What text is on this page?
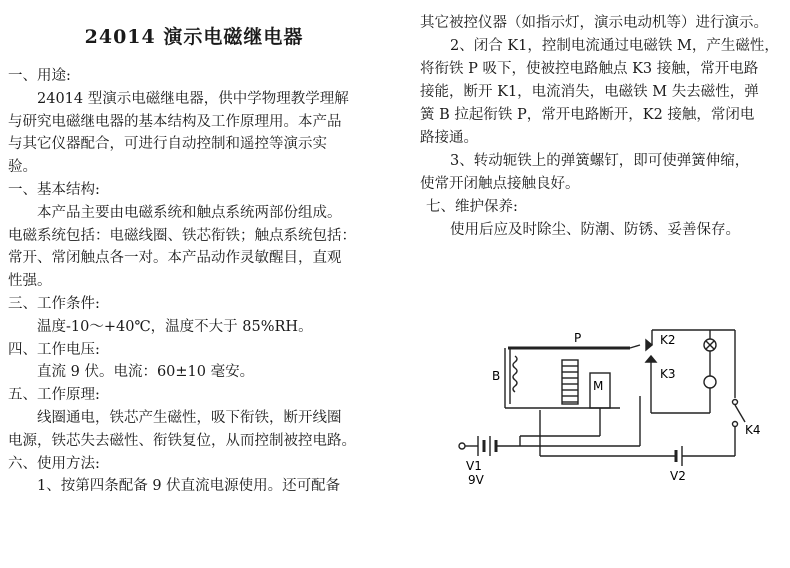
24014 演示电磁继电器
一、用途:
24014 型演示电磁继电器，供中学物理教学理解
与研究电磁继电器的基本结构及工作原理用。本产品
与其它仪器配合，可进行自动控制和遥控等演示实
验。
一、基本结构:
本产品主要由电磁系统和触点系统两部份组成。
电磁系统包括：电磁线圈、铁芯衔铁；触点系统包括：
常开、常闭触点各一对。本产品动作灵敏醒目，直观
性强。
三、工作条件:
温度-10～+40℃，温度不大于 85%RH。
四、工作电压:
直流 9 伏。电流：60±10 毫安。
五、工作原理:
线圈通电，铁芯产生磁性，吸下衔铁，断开线圈
电源，铁芯失去磁性、衔铁复位，从而控制被控电路。
六、使用方法:
1、按第四条配备 9 伏直流电源使用。还可配备
其它被控仪器（如指示灯，演示电动机等）进行演示。
2、闭合 K1，控制电流通过电磁铁 M，产生磁性，
将衔铁 P 吸下，使被控电路触点 K3 接触，常开电路
接能，断开 K1，电流消失，电磁铁 M 失去磁性，弹
簧 B 拉起衔铁 P，常开电路断开，K2 接触，常闭电
路接通。
3、转动轭铁上的弹簧螺钉，即可使弹簧伸缩，
使常开闭触点接触良好。
七、维护保养:
使用后应及时除尘、防潮、防锈、妥善保存。
P	K2
B
M
K3
K4
V1
9V	V2
